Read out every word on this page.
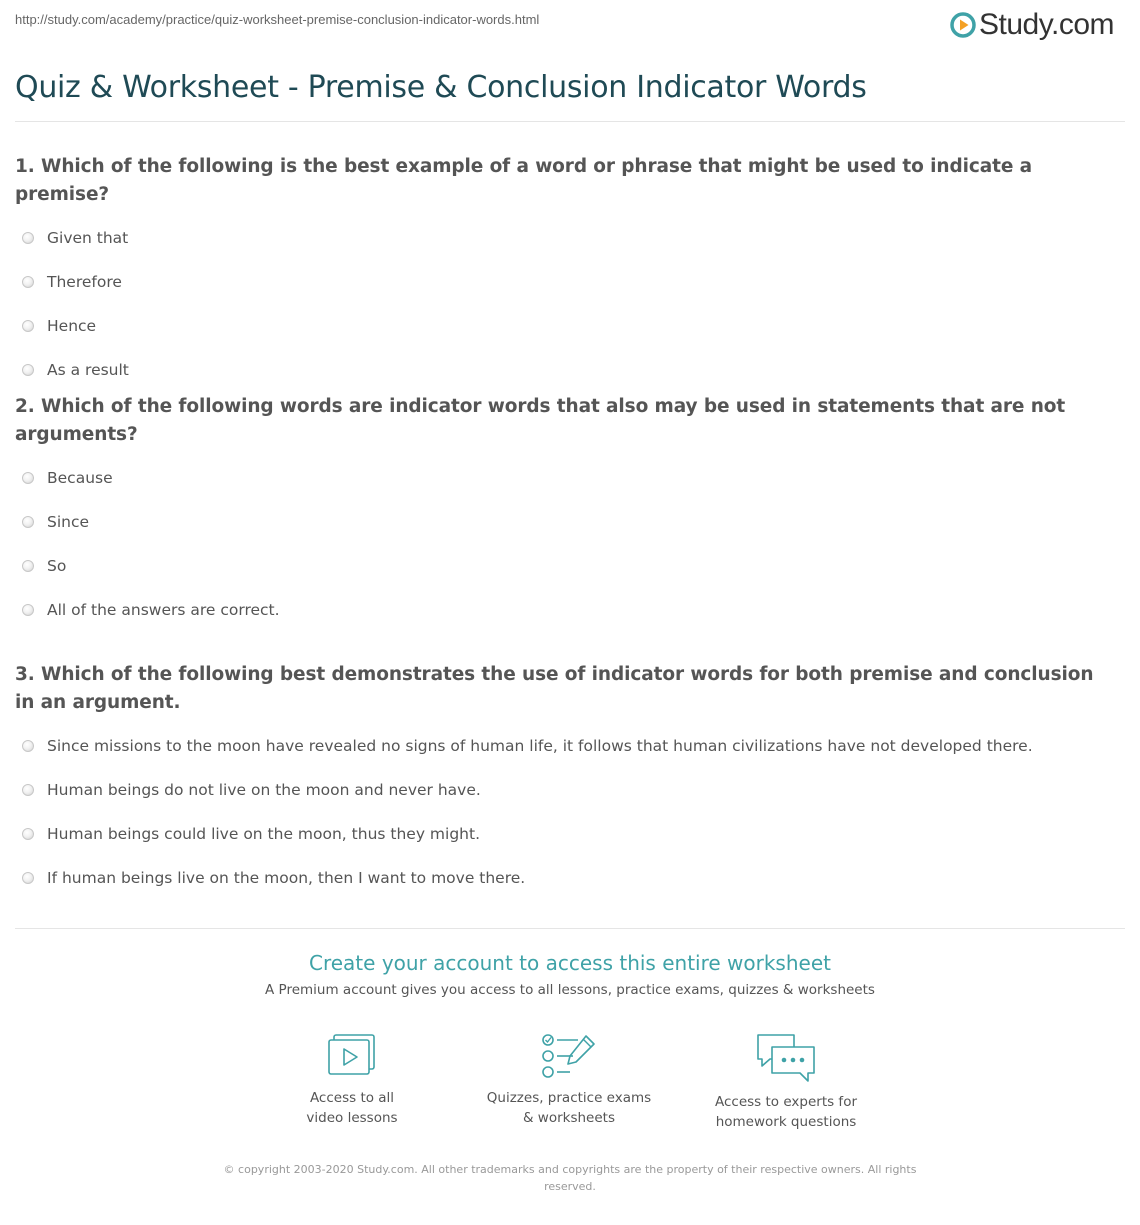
http://study.com/academy/practice/quiz-worksheet-premise-conclusion-indicator-words.html	Study.com
Quiz & Worksheet - Premise & Conclusion Indicator Words

1. Which of the following is the best example of a word or phrase that might be used to indicate a premise?

Given that
Therefore
Hence
As a result

2. Which of the following words are indicator words that also may be used in statements that are not arguments?

Because
Since
So
All of the answers are correct.

3. Which of the following best demonstrates the use of indicator words for both premise and conclusion in an argument.

Since missions to the moon have revealed no signs of human life, it follows that human civilizations have not developed there.
Human beings do not live on the moon and never have.
Human beings could live on the moon, thus they might.
If human beings live on the moon, then I want to move there.
Create your account to access this entire worksheet
A Premium account gives you access to all lessons, practice exams, quizzes & worksheets
Access to all
video lessons
Quizzes, practice exams
& worksheets
Access to experts for
homework questions
© copyright 2003-2020 Study.com. All other trademarks and copyrights are the property of their respective owners. All rights
reserved.
